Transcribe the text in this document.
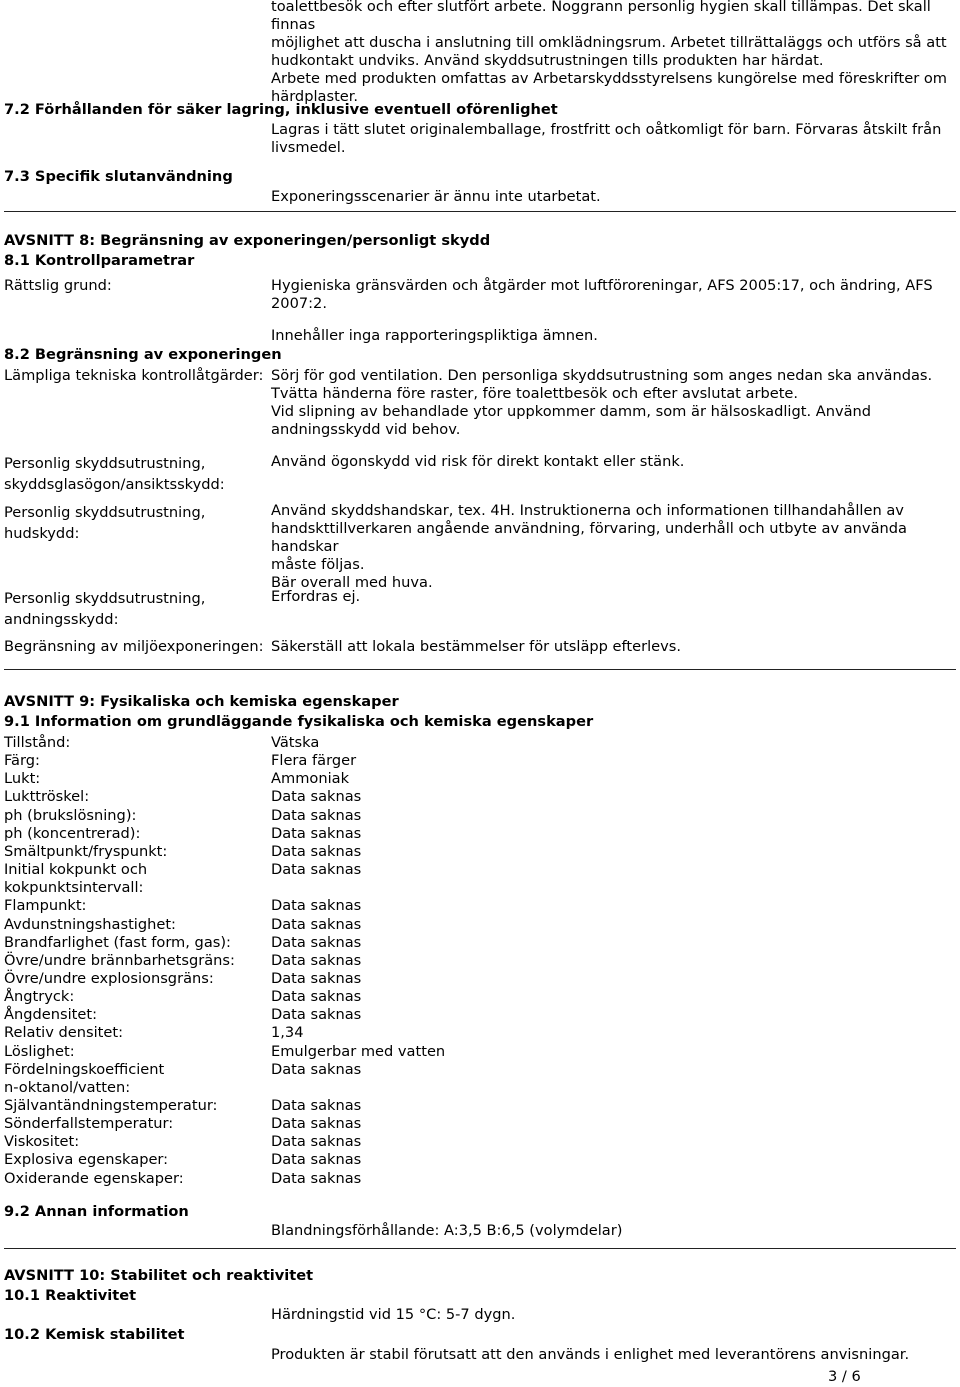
toalettbesök och efter slutfört arbete. Noggrann personlig hygien skall tillämpas. Det skall finnas
möjlighet att duscha i anslutning till omklädningsrum. Arbetet tillrättaläggs och utförs så att
hudkontakt undviks. Använd skyddsutrustningen tills produkten har härdat.
Arbete med produkten omfattas av Arbetarskyddsstyrelsens kungörelse med föreskrifter om
härdplaster.
7.2 Förhållanden för säker lagring, inklusive eventuell oförenlighet
Lagras i tätt slutet originalemballage, frostfritt och oåtkomligt för barn. Förvaras åtskilt från
livsmedel.
7.3 Specifik slutanvändning
Exponeringsscenarier är ännu inte utarbetat.
AVSNITT 8: Begränsning av exponeringen/personligt skydd
8.1 Kontrollparametrar
Rättslig grund:	Hygieniska gränsvärden och åtgärder mot luftföroreningar, AFS 2005:17, och ändring, AFS
2007:2.
Innehåller inga rapporteringspliktiga ämnen.
8.2 Begränsning av exponeringen
Lämpliga tekniska kontrollåtgärder: Sörj för god ventilation. Den personliga skyddsutrustning som anges nedan ska användas.
Tvätta händerna före raster, före toalettbesök och efter avslutat arbete.
Vid slipning av behandlade ytor uppkommer damm, som är hälsoskadligt. Använd
andningsskydd vid behov.
Personlig skyddsutrustning,
skyddsglasögon/ansiktsskydd:
Använd ögonskydd vid risk för direkt kontakt eller stänk.
Personlig skyddsutrustning,
hudskydd:
Använd skyddshandskar, tex. 4H. Instruktionerna och informationen tillhandahållen av
handskttillverkaren angående användning, förvaring, underhåll och utbyte av använda handskar
måste följas.
Bär overall med huva.
Personlig skyddsutrustning,
andningsskydd:
Erfordras ej.
Begränsning av miljöexponeringen: Säkerställ att lokala bestämmelser för utsläpp efterlevs.
AVSNITT 9: Fysikaliska och kemiska egenskaper
9.1 Information om grundläggande fysikaliska och kemiska egenskaper
Tillstånd:	Vätska
Färg:	Flera färger
Lukt:	Ammoniak
Lukttröskel:	Data saknas
ph (brukslösning):	Data saknas
ph (koncentrerad):	Data saknas
Smältpunkt/fryspunkt:	Data saknas
Initial kokpunkt och
kokpunktsintervall:
Data saknas
Flampunkt:	Data saknas
Avdunstningshastighet:	Data saknas
Brandfarlighet (fast form, gas):	Data saknas
Övre/undre brännbarhetsgräns: Data saknas
Övre/undre explosionsgräns:	Data saknas
Ångtryck:	Data saknas
Ångdensitet:	Data saknas
Relativ densitet:	1,34
Löslighet:	Emulgerbar med vatten
Fördelningskoefficient
n-oktanol/vatten:
Data saknas
Självantändningstemperatur:	Data saknas
Sönderfallstemperatur:	Data saknas
Viskositet:	Data saknas
Explosiva egenskaper:	Data saknas
Oxiderande egenskaper:	Data saknas
9.2 Annan information
Blandningsförhållande: A:3,5 B:6,5 (volymdelar)
AVSNITT 10: Stabilitet och reaktivitet
10.1 Reaktivitet
Härdningstid vid 15 °C: 5-7 dygn.
10.2 Kemisk stabilitet
Produkten är stabil förutsatt att den används i enlighet med leverantörens anvisningar.
3 / 6
